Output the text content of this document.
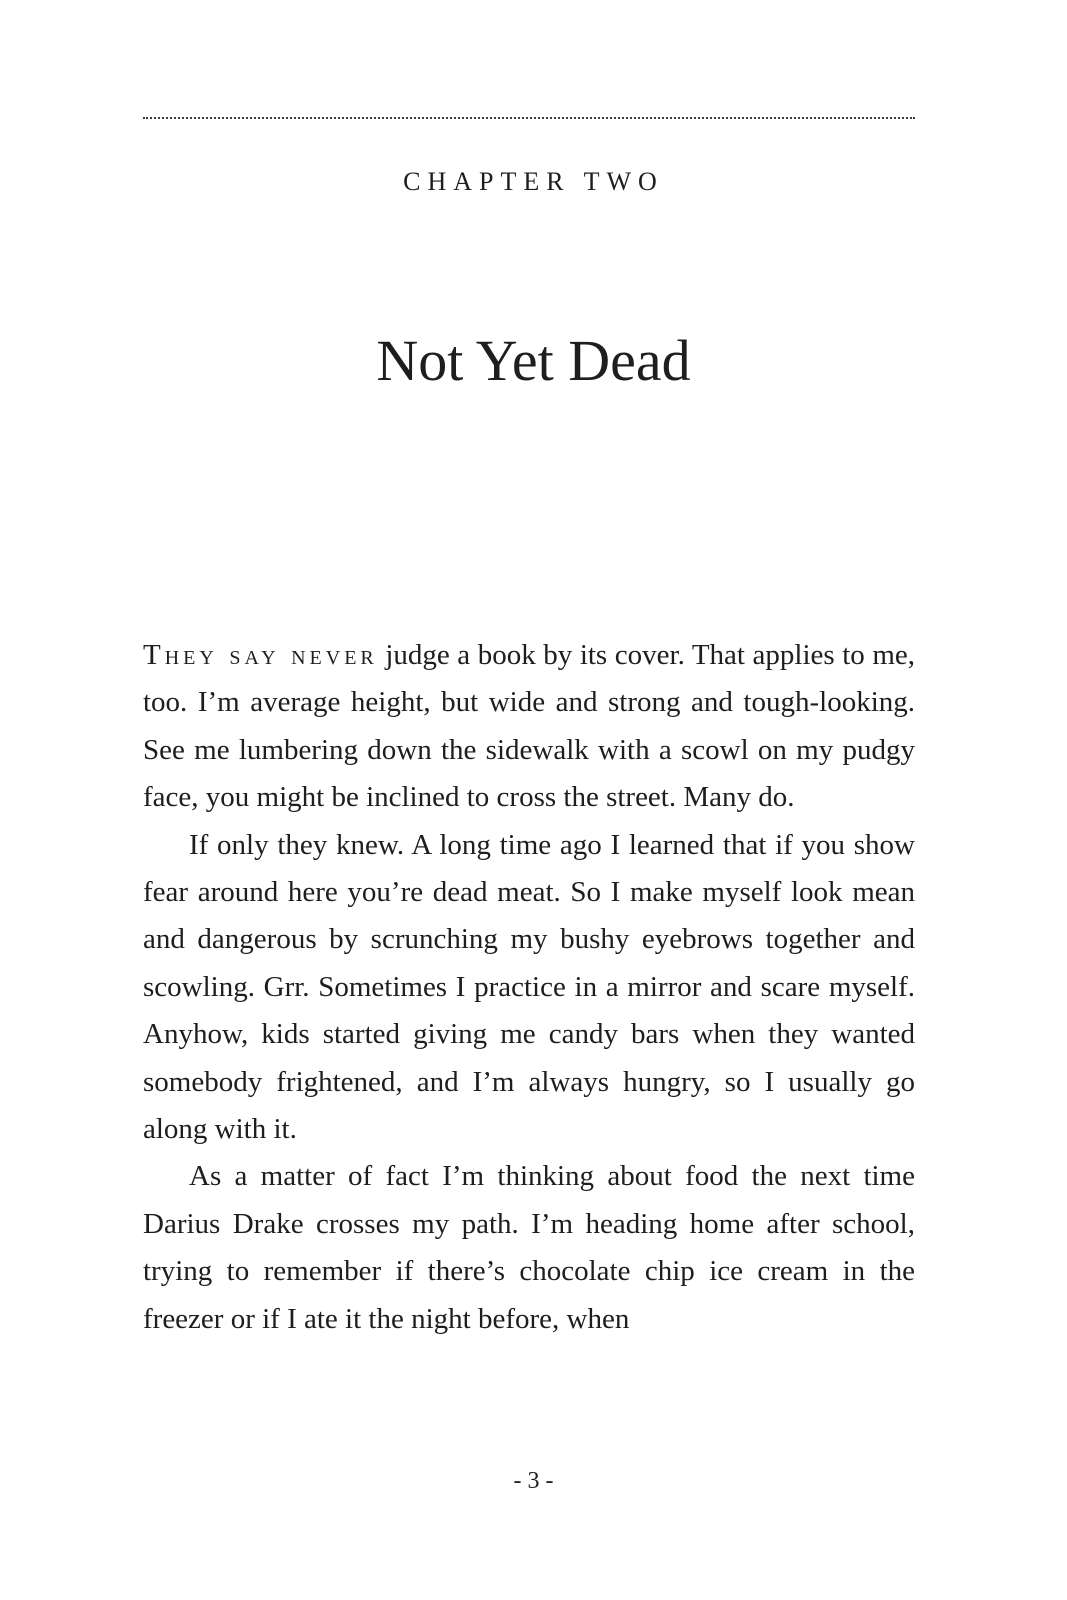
CHAPTER TWO
Not Yet Dead

They say never judge a book by its cover. That applies to me, too. I’m average height, but wide and strong and tough-looking. See me lumbering down the sidewalk with a scowl on my pudgy face, you might be inclined to cross the street. Many do.

If only they knew. A long time ago I learned that if you show fear around here you’re dead meat. So I make myself look mean and dangerous by scrunching my bushy eyebrows together and scowling. Grr. Sometimes I practice in a mirror and scare myself. Anyhow, kids started giving me candy bars when they wanted somebody frightened, and I’m always hungry, so I usually go along with it.

As a matter of fact I’m thinking about food the next time Darius Drake crosses my path. I’m heading home after school, trying to remember if there’s chocolate chip ice cream in the freezer or if I ate it the night before, when

- 3 -
